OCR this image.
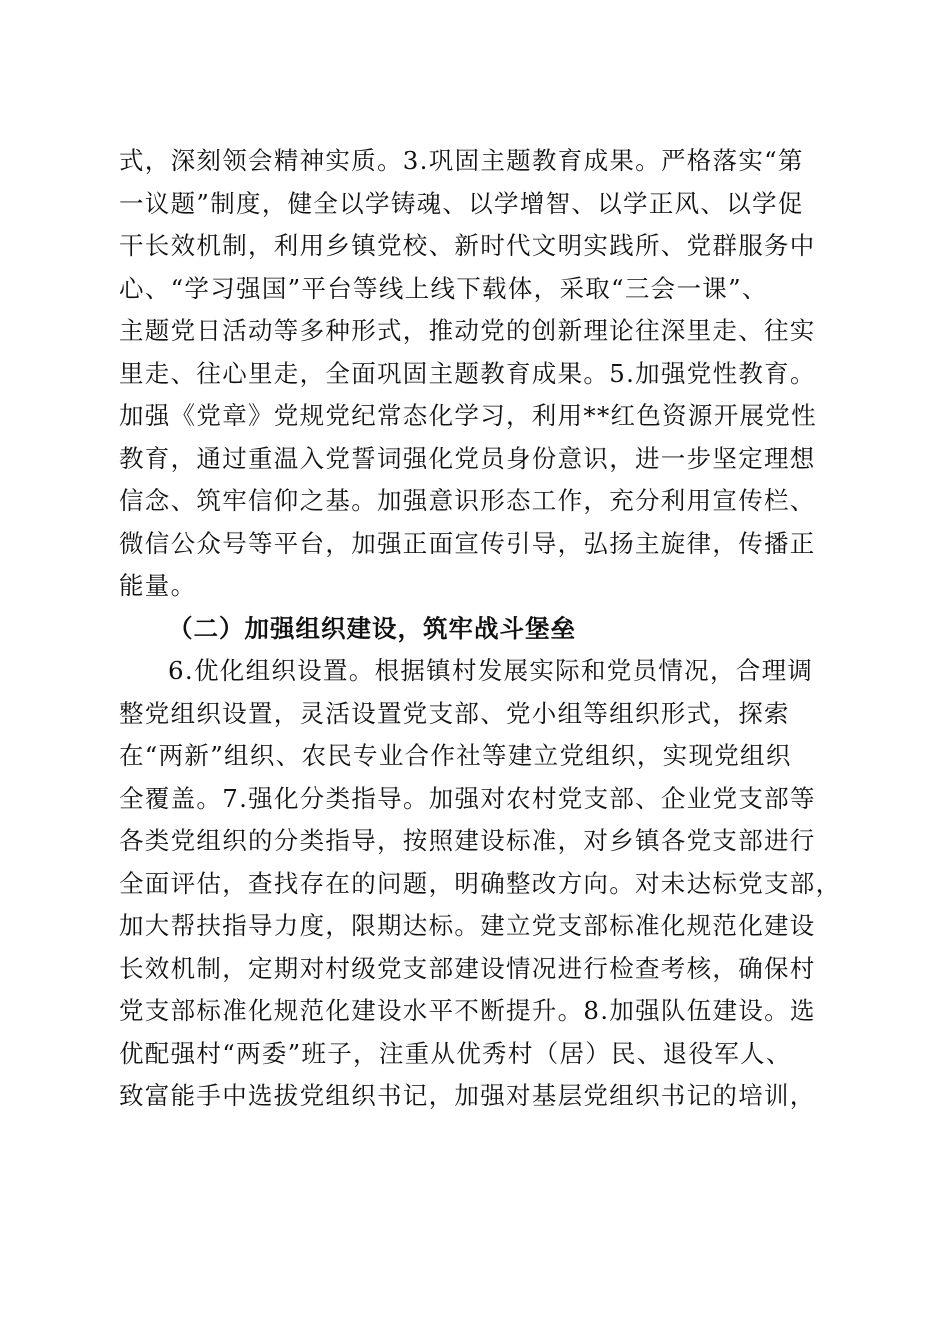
式，深刻领会精神实质。3.巩固主题教育成果。严格落实“第
一议题”制度，健全以学铸魂、以学增智、以学正风、以学促
干长效机制，利用乡镇党校、新时代文明实践所、党群服务中
心、“学习强国”平台等线上线下载体，采取“三会一课”、
主题党日活动等多种形式，推动党的创新理论往深里走、往实
里走、往心里走，全面巩固主题教育成果。5.加强党性教育。
加强《党章》党规党纪常态化学习，利用**红色资源开展党性
教育，通过重温入党誓词强化党员身份意识，进一步坚定理想
信念、筑牢信仰之基。加强意识形态工作，充分利用宣传栏、
微信公众号等平台，加强正面宣传引导，弘扬主旋律，传播正
能量。
（二）加强组织建设，筑牢战斗堡垒
6.优化组织设置。根据镇村发展实际和党员情况，合理调
整党组织设置，灵活设置党支部、党小组等组织形式，探索
在“两新”组织、农民专业合作社等建立党组织，实现党组织
全覆盖。7.强化分类指导。加强对农村党支部、企业党支部等
各类党组织的分类指导，按照建设标准，对乡镇各党支部进行
全面评估，查找存在的问题，明确整改方向。对未达标党支部，
加大帮扶指导力度，限期达标。建立党支部标准化规范化建设
长效机制，定期对村级党支部建设情况进行检查考核，确保村
党支部标准化规范化建设水平不断提升。8.加强队伍建设。选
优配强村“两委”班子，注重从优秀村（居）民、退役军人、
致富能手中选拔党组织书记，加强对基层党组织书记的培训，
